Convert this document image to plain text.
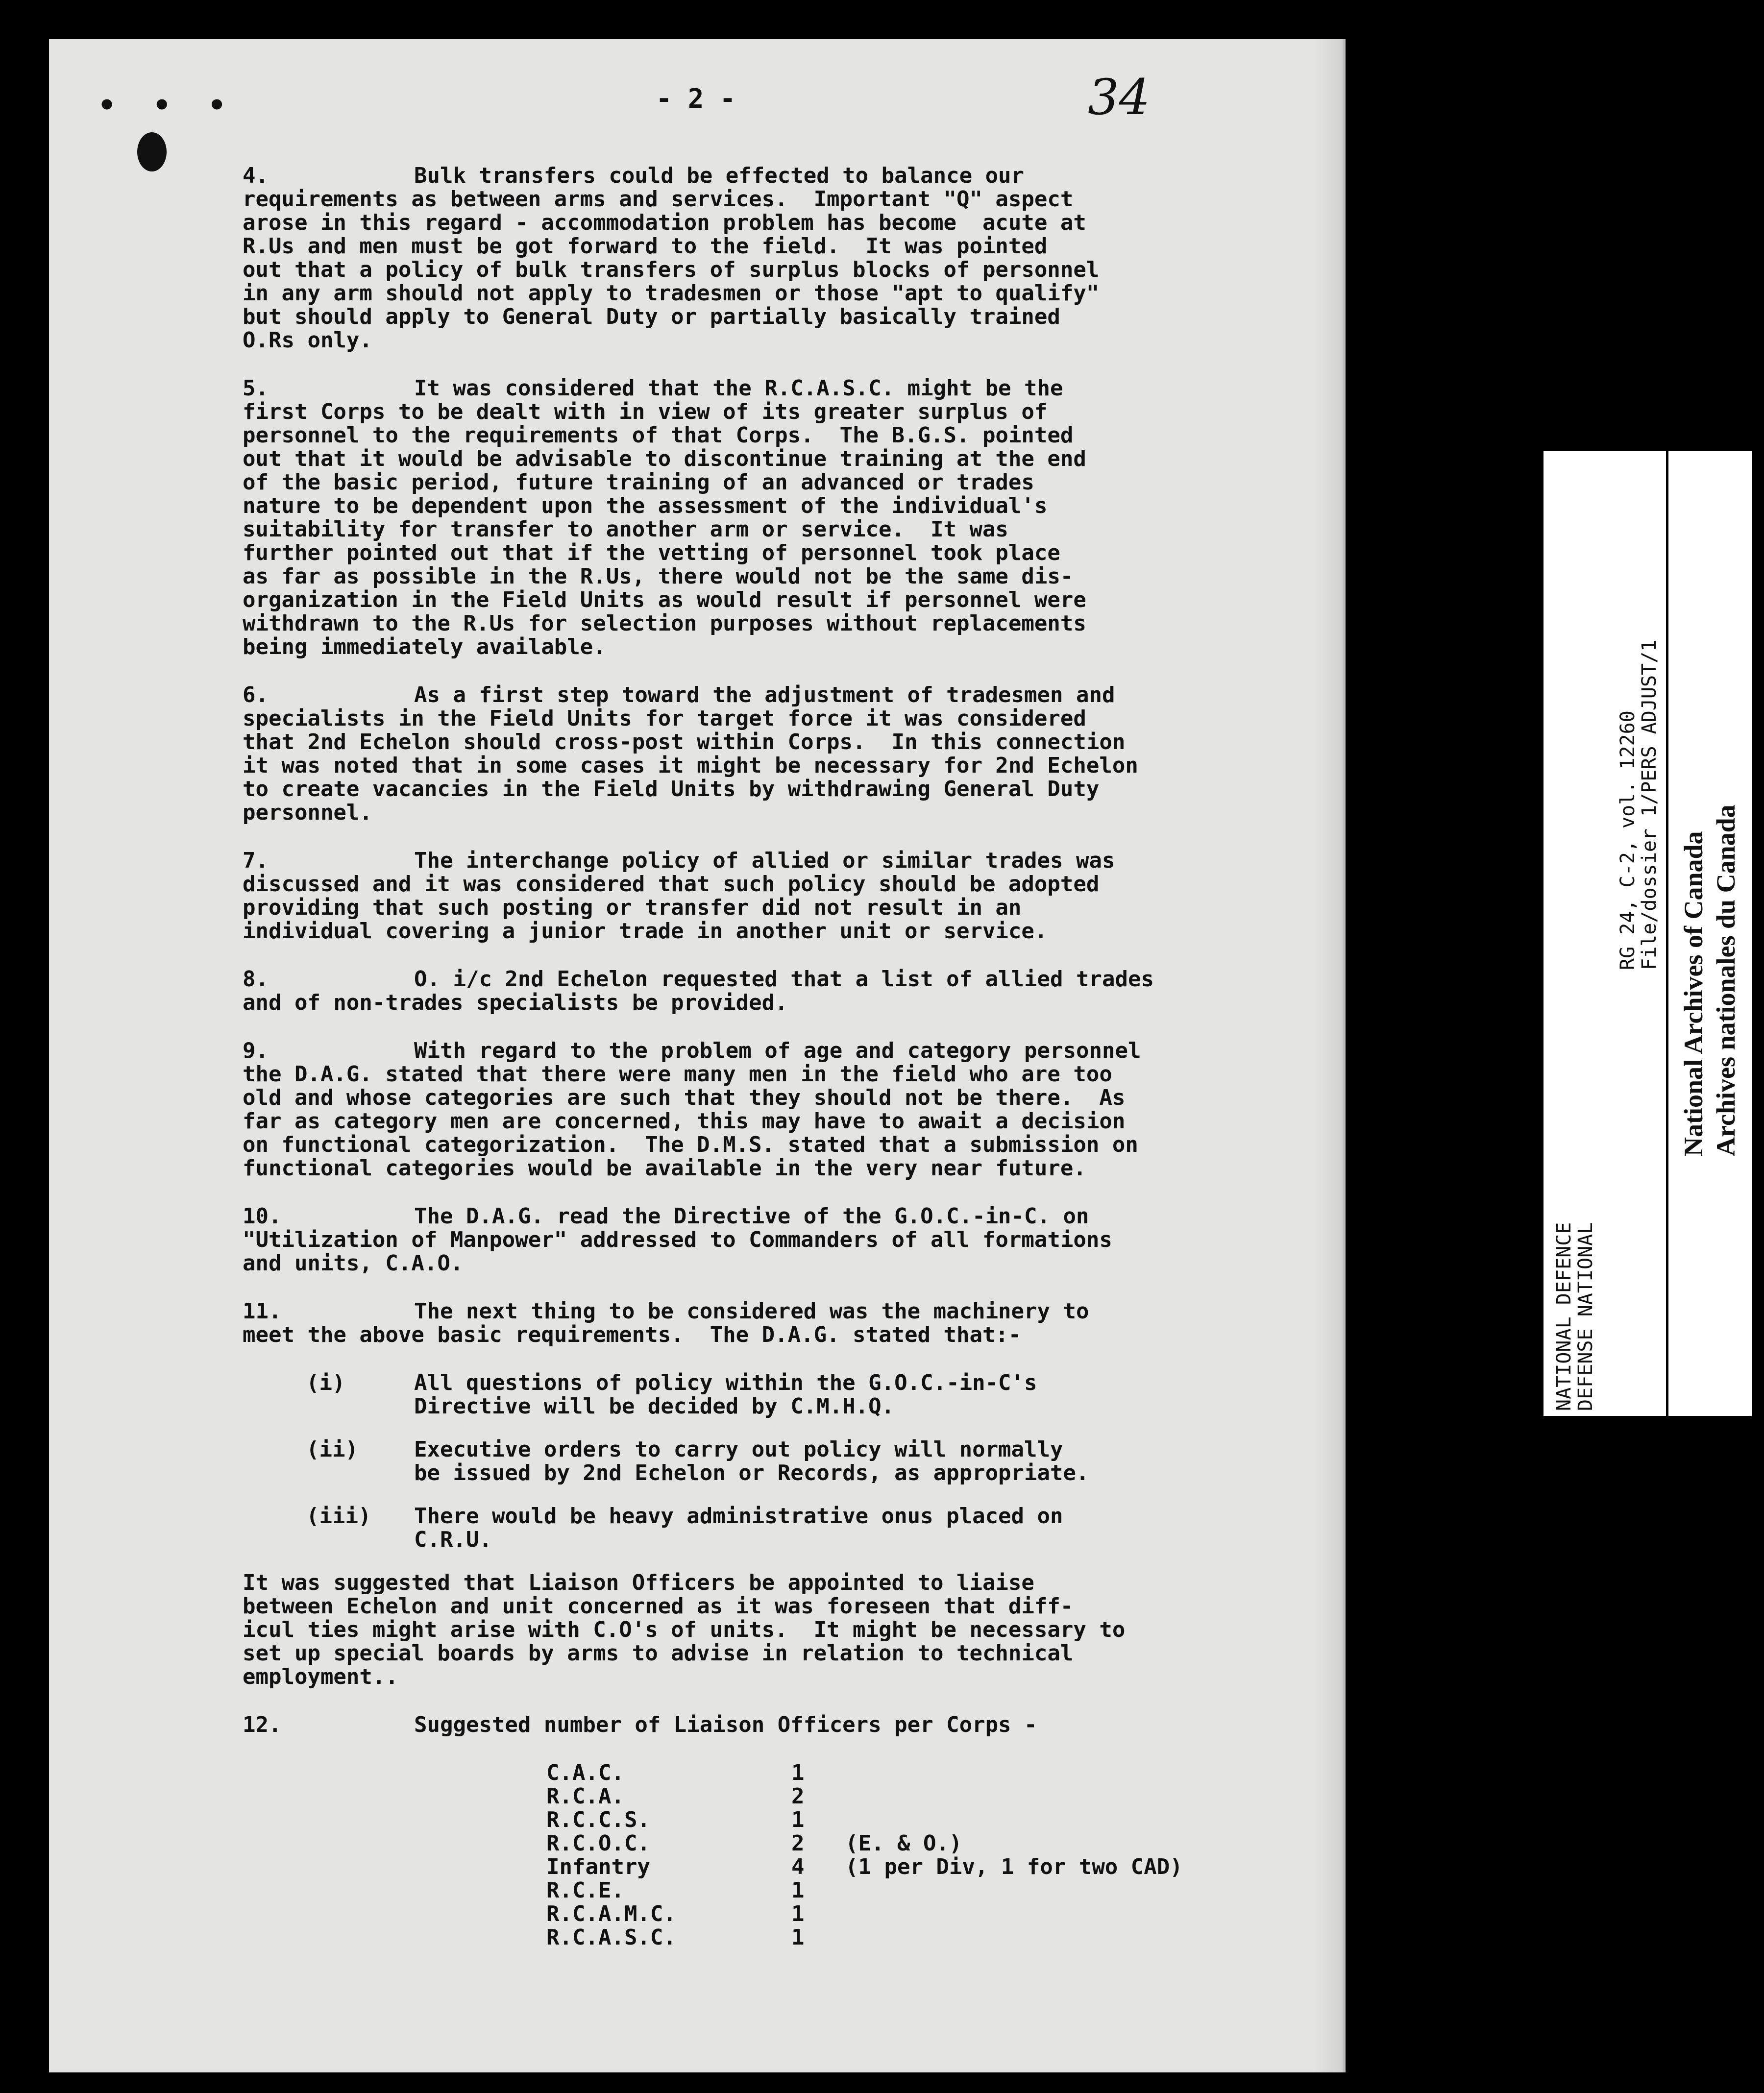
• • •	- 2 -	34
4.	Bulk transfers could be effected to balance our
requirements as between arms and services.  Important "Q" aspect
arose in this regard - accommodation problem has become  acute at
R.Us and men must be got forward to the field.  It was pointed
out that a policy of bulk transfers of surplus blocks of personnel
in any arm should not apply to tradesmen or those "apt to qualify"
but should apply to General Duty or partially basically trained
O.Rs only.
5.	It was considered that the R.C.A.S.C. might be the
first Corps to be dealt with in view of its greater surplus of
personnel to the requirements of that Corps.  The B.G.S. pointed
out that it would be advisable to discontinue training at the end
of the basic period, future training of an advanced or trades
nature to be dependent upon the assessment of the individual's
suitability for transfer to another arm or service.  It was
further pointed out that if the vetting of personnel took place
as far as possible in the R.Us, there would not be the same dis-
organization in the Field Units as would result if personnel were
withdrawn to the R.Us for selection purposes without replacements
being immediately available.
6.	As a first step toward the adjustment of tradesmen and
specialists in the Field Units for target force it was considered
that 2nd Echelon should cross-post within Corps.  In this connection
it was noted that in some cases it might be necessary for 2nd Echelon
to create vacancies in the Field Units by withdrawing General Duty
personnel.
7.	The interchange policy of allied or similar trades was
discussed and it was considered that such policy should be adopted
providing that such posting or transfer did not result in an
individual covering a junior trade in another unit or service.
8.	O. i/c 2nd Echelon requested that a list of allied trades
and of non-trades specialists be provided.
9.	With regard to the problem of age and category personnel
the D.A.G. stated that there were many men in the field who are too
old and whose categories are such that they should not be there.  As
far as category men are concerned, this may have to await a decision
on functional categorization.  The D.M.S. stated that a submission on
functional categories would be available in the very near future.
10.	The D.A.G. read the Directive of the G.O.C.-in-C. on
"Utilization of Manpower" addressed to Commanders of all formations
and units, C.A.O.
11.	The next thing to be considered was the machinery to
meet the above basic requirements.  The D.A.G. stated that:-
(i)	All questions of policy within the G.O.C.-in-C's
Directive will be decided by C.M.H.Q.
(ii)	Executive orders to carry out policy will normally
be issued by 2nd Echelon or Records, as appropriate.
(iii)	There would be heavy administrative onus placed on
C.R.U.
It was suggested that Liaison Officers be appointed to liaise
between Echelon and unit concerned as it was foreseen that diff-
icul ties might arise with C.O's of units.  It might be necessary to
set up special boards by arms to advise in relation to technical
employment..
12.	Suggested number of Liaison Officers per Corps -
C.A.C.	1	
R.C.A.	2	
R.C.C.S.	1	
R.C.O.C.	2	(E. & O.)
Infantry	4	(1 per Div, 1 for two CAD)
R.C.E.	1	
R.C.A.M.C.	1	
R.C.A.S.C.	1	
NATIONAL DEFENCE
DEFENSE NATIONAL
RG 24, C-2, vol. 12260
File/dossier 1/PERS ADJUST/1
National Archives of Canada Archives nationales du Canada
